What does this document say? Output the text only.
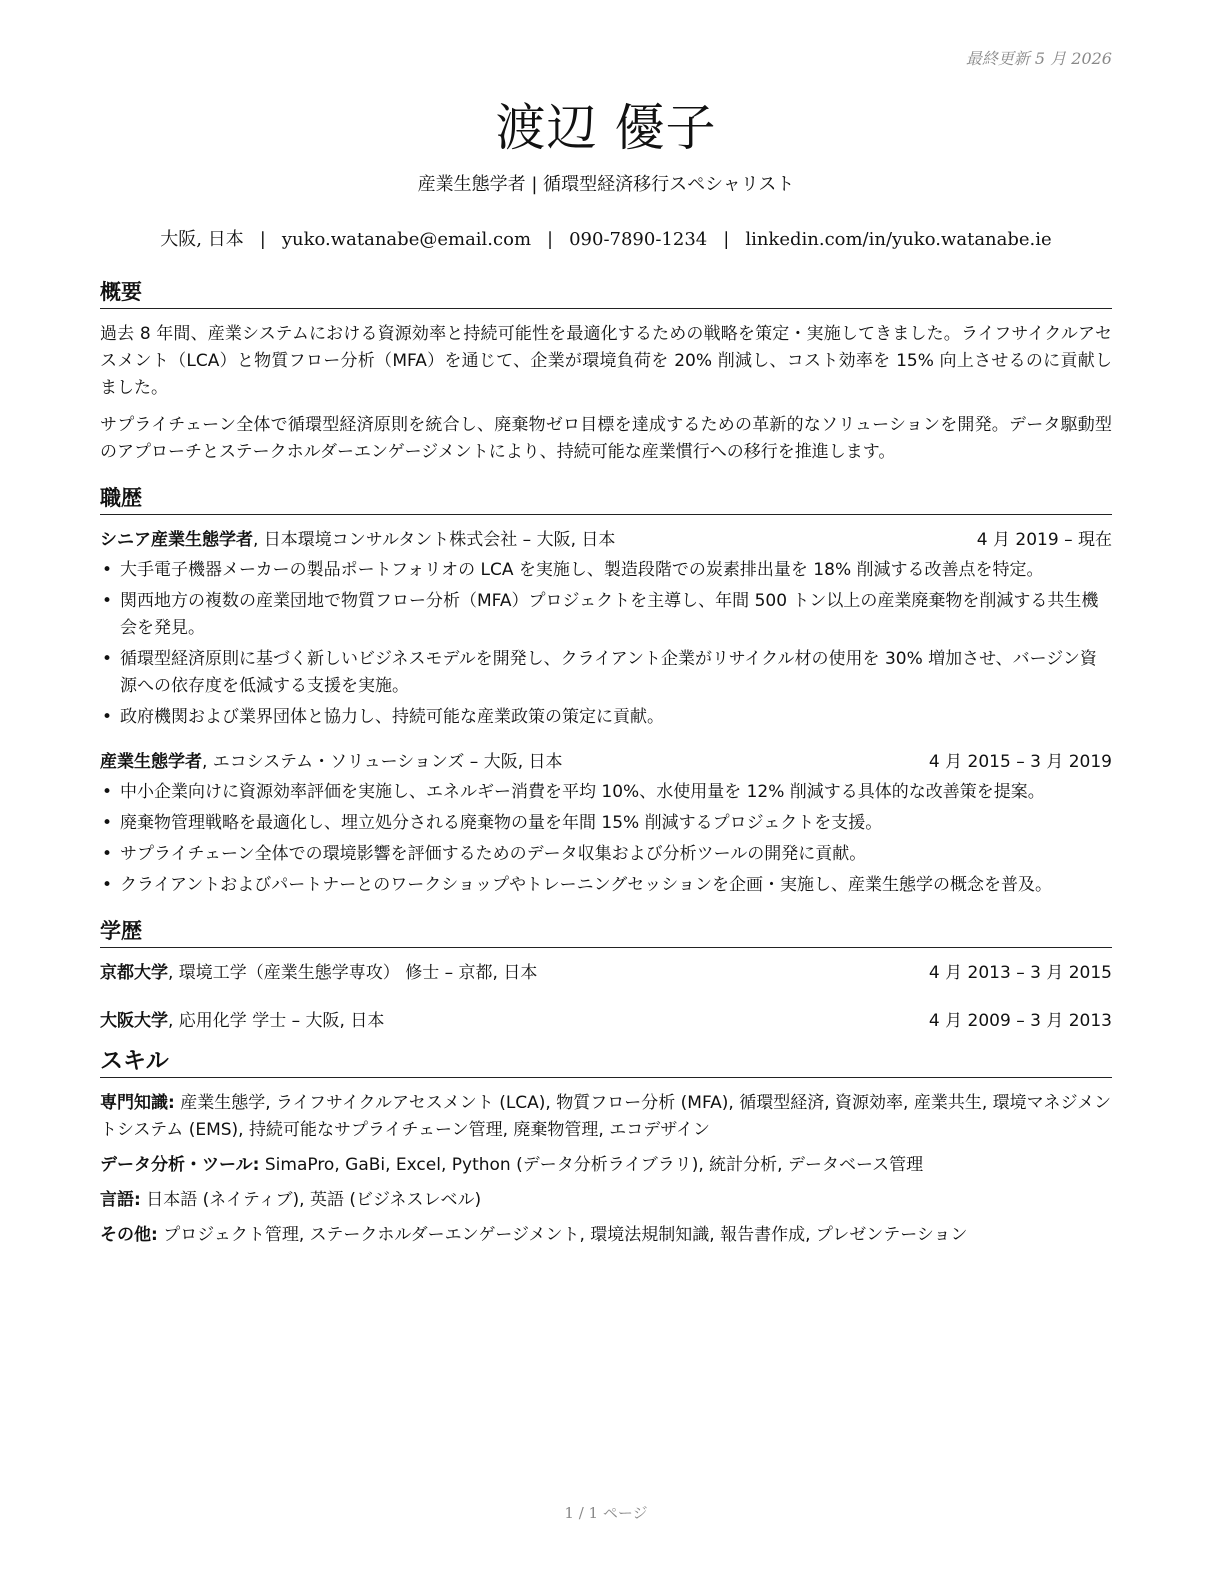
最終更新 5 月 2026
渡辺 優子
産業生態学者 | 循環型経済移行スペシャリスト
大阪, 日本 | yuko.watanabe@email.com | 090-7890-1234 | linkedin.com/in/yuko.watanabe.ie
概要

過去 8 年間、産業システムにおける資源効率と持続可能性を最適化するための戦略を策定・実施してきました。ライフサイクルアセスメント（LCA）と物質フロー分析（MFA）を通じて、企業が環境負荷を 20% 削減し、コスト効率を 15% 向上させるのに貢献しました。

サプライチェーン全体で循環型経済原則を統合し、廃棄物ゼロ目標を達成するための革新的なソリューションを開発。データ駆動型のアプローチとステークホルダーエンゲージメントにより、持続可能な産業慣行への移行を推進します。

職歴
シニア産業生態学者, 日本環境コンサルタント株式会社 – 大阪, 日本	4 月 2019 – 現在
• 大手電子機器メーカーの製品ポートフォリオの LCA を実施し、製造段階での炭素排出量を 18% 削減する改善点を特定。
• 関西地方の複数の産業団地で物質フロー分析（MFA）プロジェクトを主導し、年間 500 トン以上の産業廃棄物を削減する共生機会を発見。
• 循環型経済原則に基づく新しいビジネスモデルを開発し、クライアント企業がリサイクル材の使用を 30% 増加させ、バージン資源への依存度を低減する支援を実施。
• 政府機関および業界団体と協力し、持続可能な産業政策の策定に貢献。
産業生態学者, エコシステム・ソリューションズ – 大阪, 日本	4 月 2015 – 3 月 2019
• 中小企業向けに資源効率評価を実施し、エネルギー消費を平均 10%、水使用量を 12% 削減する具体的な改善策を提案。
• 廃棄物管理戦略を最適化し、埋立処分される廃棄物の量を年間 15% 削減するプロジェクトを支援。
• サプライチェーン全体での環境影響を評価するためのデータ収集および分析ツールの開発に貢献。
• クライアントおよびパートナーとのワークショップやトレーニングセッションを企画・実施し、産業生態学の概念を普及。
学歴
京都大学, 環境工学（産業生態学専攻） 修士 – 京都, 日本	4 月 2013 – 3 月 2015
大阪大学, 応用化学 学士 – 大阪, 日本	4 月 2009 – 3 月 2013
スキル
専門知識: 産業生態学, ライフサイクルアセスメント (LCA), 物質フロー分析 (MFA), 循環型経済, 資源効率, 産業共生, 環境マネジメントシステム (EMS), 持続可能なサプライチェーン管理, 廃棄物管理, エコデザイン
データ分析・ツール: SimaPro, GaBi, Excel, Python (データ分析ライブラリ), 統計分析, データベース管理
言語: 日本語 (ネイティブ), 英語 (ビジネスレベル)
その他: プロジェクト管理, ステークホルダーエンゲージメント, 環境法規制知識, 報告書作成, プレゼンテーション
1 / 1 ページ
